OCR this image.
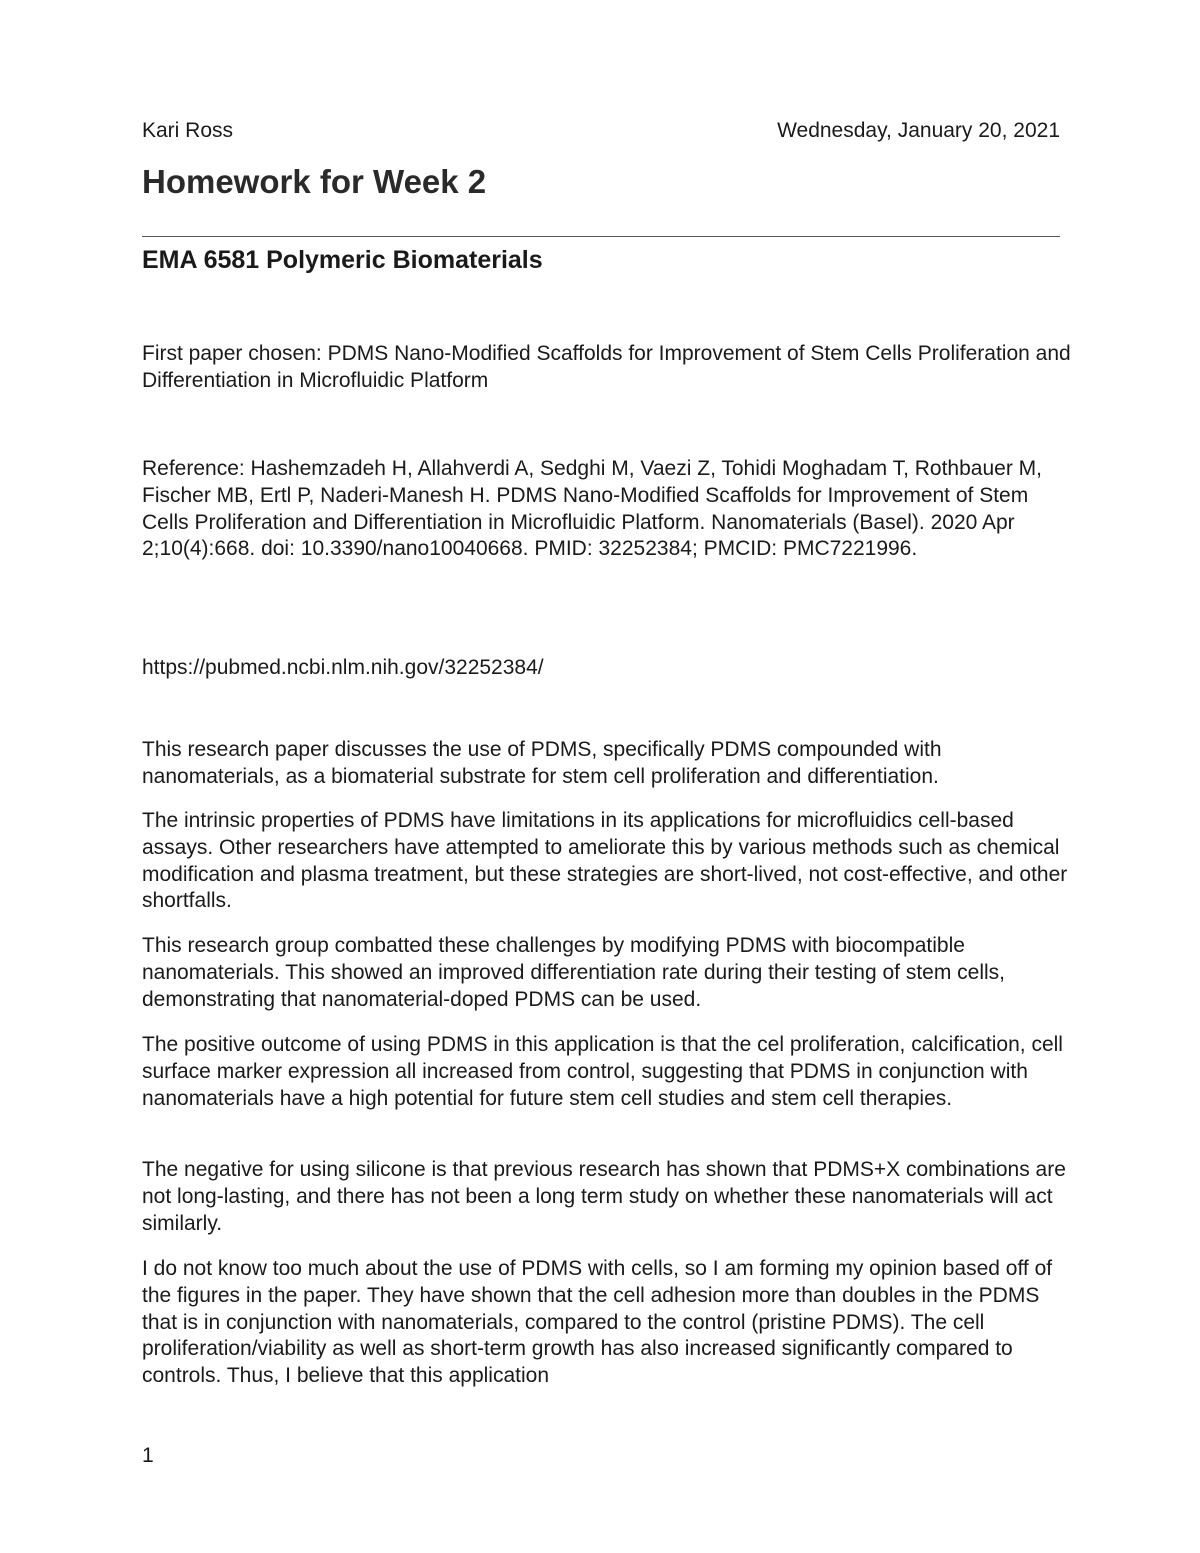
Kari Ross	Wednesday, January 20, 2021
Homework for Week 2
EMA 6581 Polymeric Biomaterials

First paper chosen: PDMS Nano-Modified Scaffolds for Improvement of Stem Cells Proliferation and Differentiation in Microfluidic Platform

Reference: Hashemzadeh H, Allahverdi A, Sedghi M, Vaezi Z, Tohidi Moghadam T, Rothbauer M, Fischer MB, Ertl P, Naderi-Manesh H. PDMS Nano-Modified Scaffolds for Improvement of Stem Cells Proliferation and Differentiation in Microfluidic Platform. Nanomaterials (Basel). 2020 Apr 2;10(4):668. doi: 10.3390/nano10040668. PMID: 32252384; PMCID: PMC7221996.

https://pubmed.ncbi.nlm.nih.gov/32252384/

This research paper discusses the use of PDMS, specifically PDMS compounded with nanomaterials, as a biomaterial substrate for stem cell proliferation and differentiation.

The intrinsic properties of PDMS have limitations in its applications for microfluidics cell-based assays. Other researchers have attempted to ameliorate this by various methods such as chemical modification and plasma treatment, but these strategies are short-lived, not cost-effective, and other shortfalls.

This research group combatted these challenges by modifying PDMS with biocompatible nanomaterials. This showed an improved differentiation rate during their testing of stem cells, demonstrating that nanomaterial-doped PDMS can be used.

The positive outcome of using PDMS in this application is that the cel proliferation, calcification, cell surface marker expression all increased from control, suggesting that PDMS in conjunction with nanomaterials have a high potential for future stem cell studies and stem cell therapies.

The negative for using silicone is that previous research has shown that PDMS+X combinations are not long-lasting, and there has not been a long term study on whether these nanomaterials will act similarly.

I do not know too much about the use of PDMS with cells, so I am forming my opinion based off of the figures in the paper. They have shown that the cell adhesion more than doubles in the PDMS that is in conjunction with nanomaterials, compared to the control (pristine PDMS). The cell proliferation/viability as well as short-term growth has also increased significantly compared to controls. Thus, I believe that this application

1
